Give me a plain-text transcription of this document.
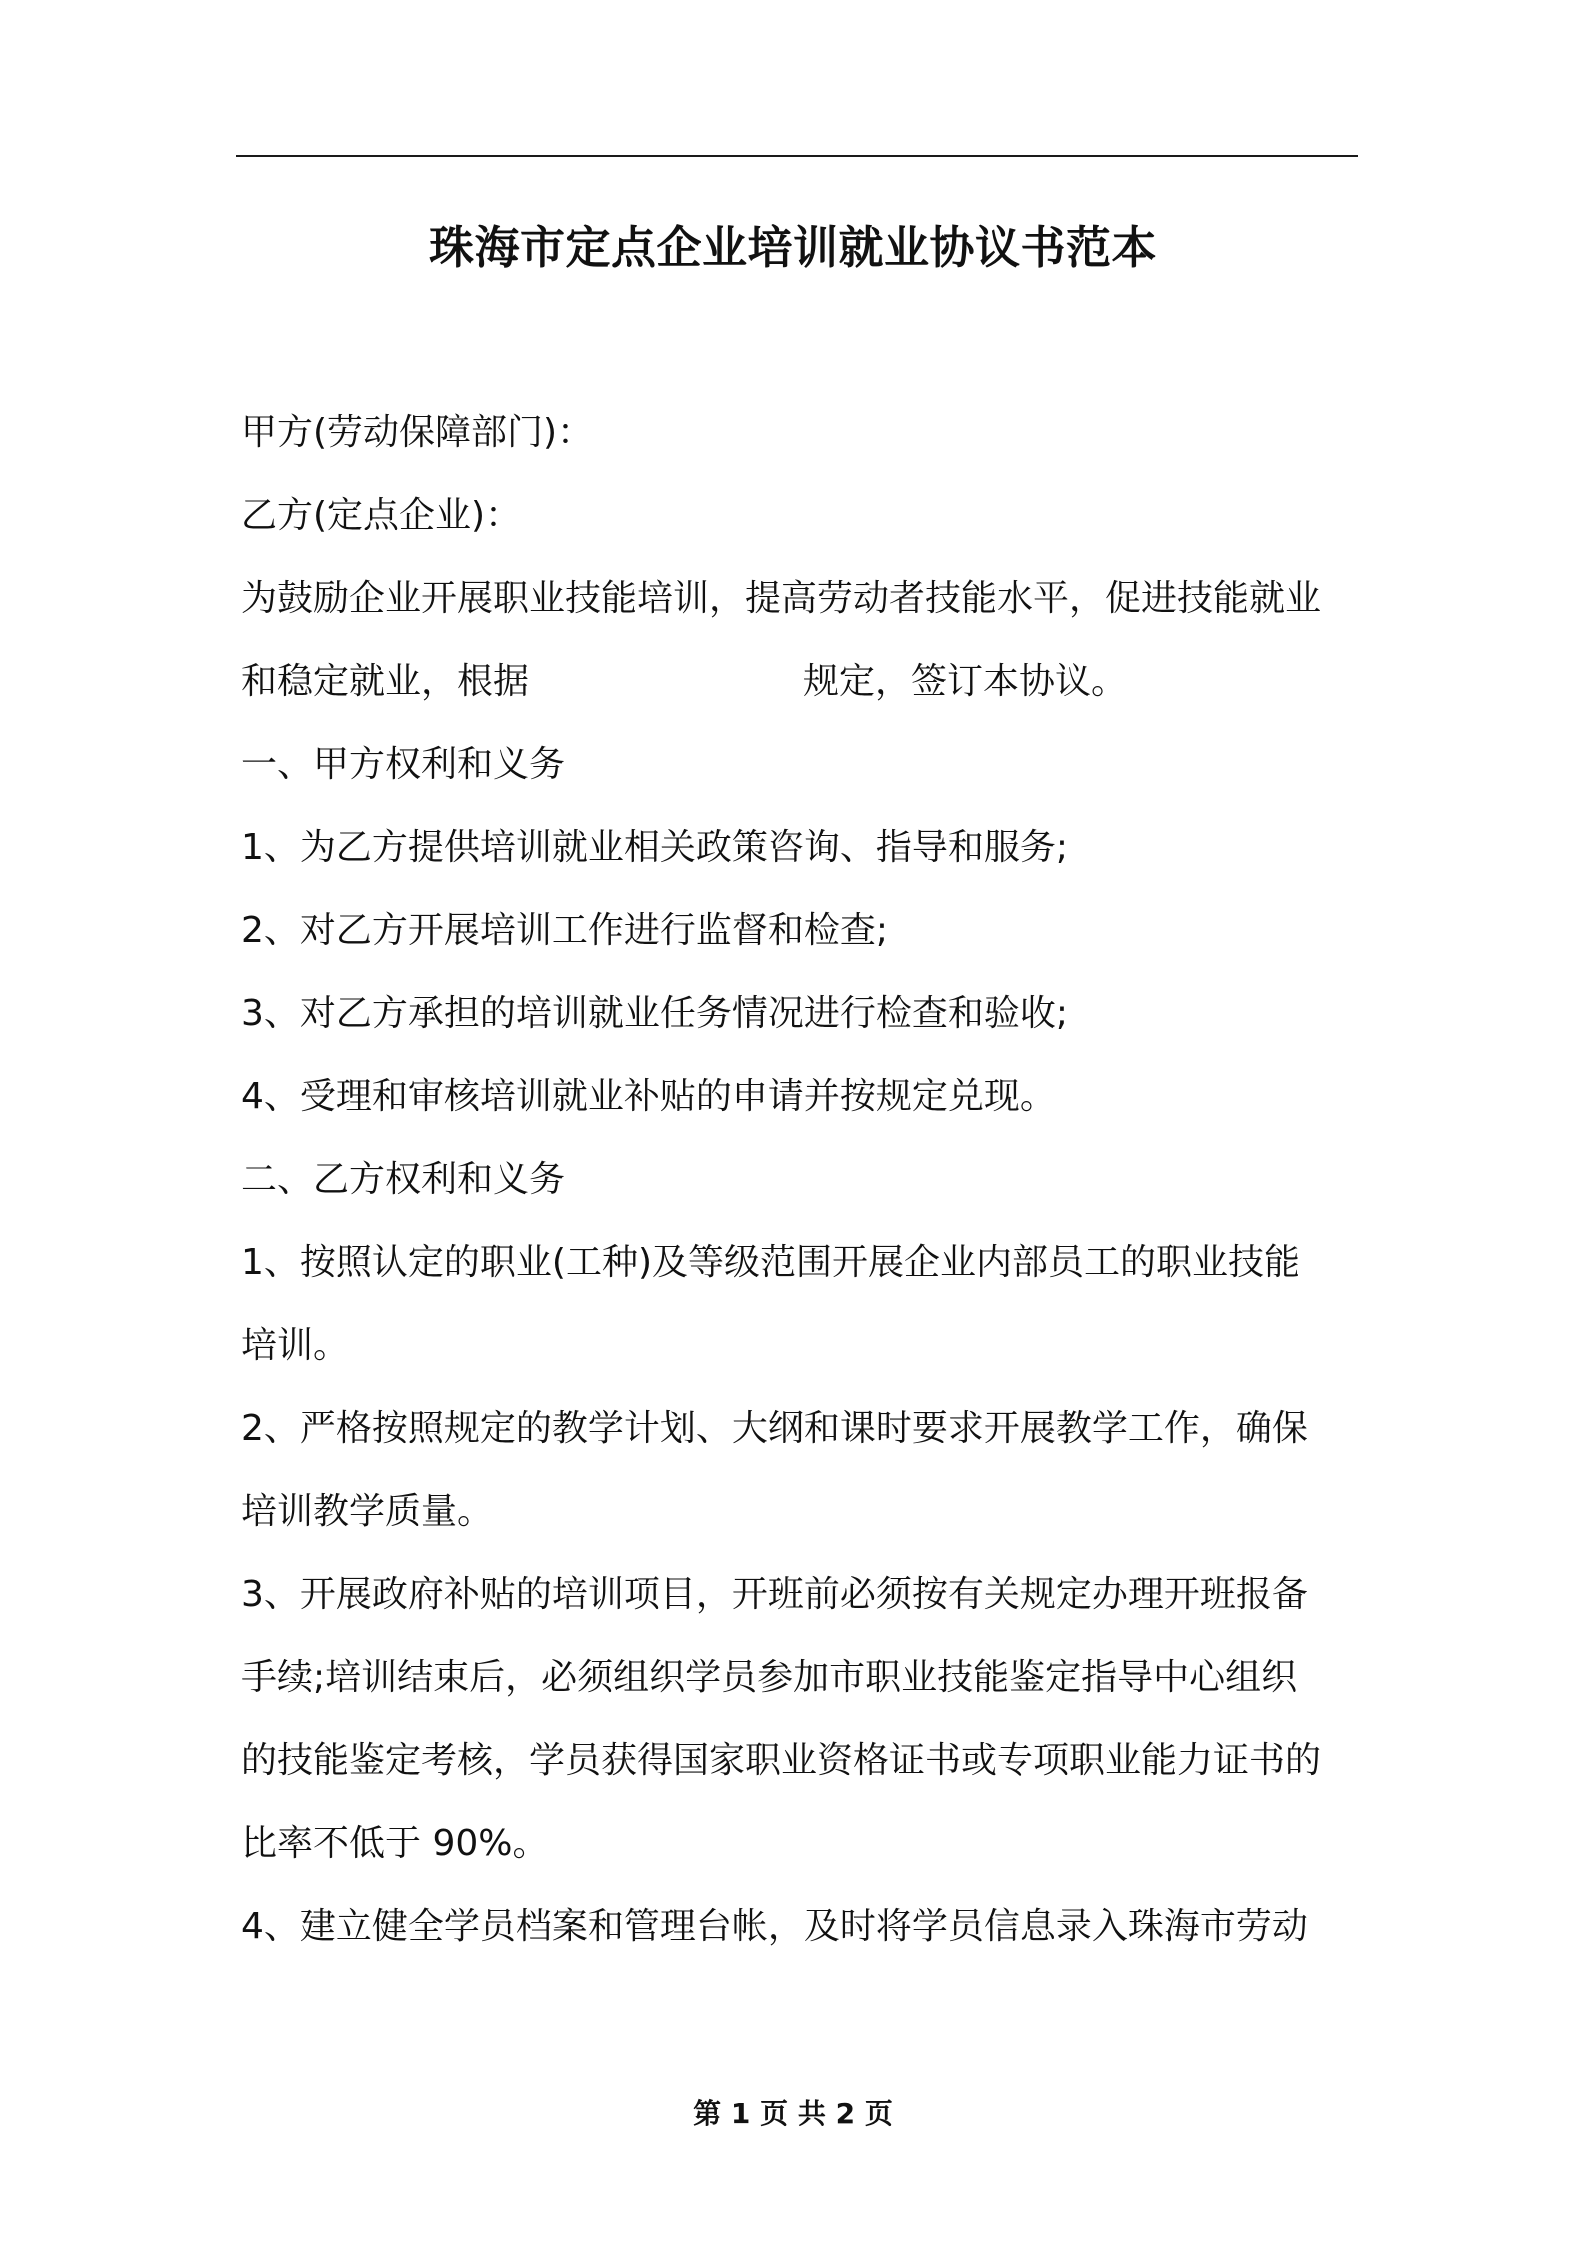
珠海市定点企业培训就业协议书范本
甲方(劳动保障部门)：
乙方(定点企业)：
为鼓励企业开展职业技能培训，提高劳动者技能水平，促进技能就业
和稳定就业，根据	规定，签订本协议。
一、甲方权利和义务
1、为乙方提供培训就业相关政策咨询、指导和服务;
2、对乙方开展培训工作进行监督和检查;
3、对乙方承担的培训就业任务情况进行检查和验收;
4、受理和审核培训就业补贴的申请并按规定兑现。
二、乙方权利和义务
1、按照认定的职业(工种)及等级范围开展企业内部员工的职业技能
培训。
2、严格按照规定的教学计划、大纲和课时要求开展教学工作，确保
培训教学质量。
3、开展政府补贴的培训项目，开班前必须按有关规定办理开班报备
手续;培训结束后，必须组织学员参加市职业技能鉴定指导中心组织
的技能鉴定考核，学员获得国家职业资格证书或专项职业能力证书的
比率不低于 90%。
4、建立健全学员档案和管理台帐，及时将学员信息录入珠海市劳动
第 1 页 共 2 页
